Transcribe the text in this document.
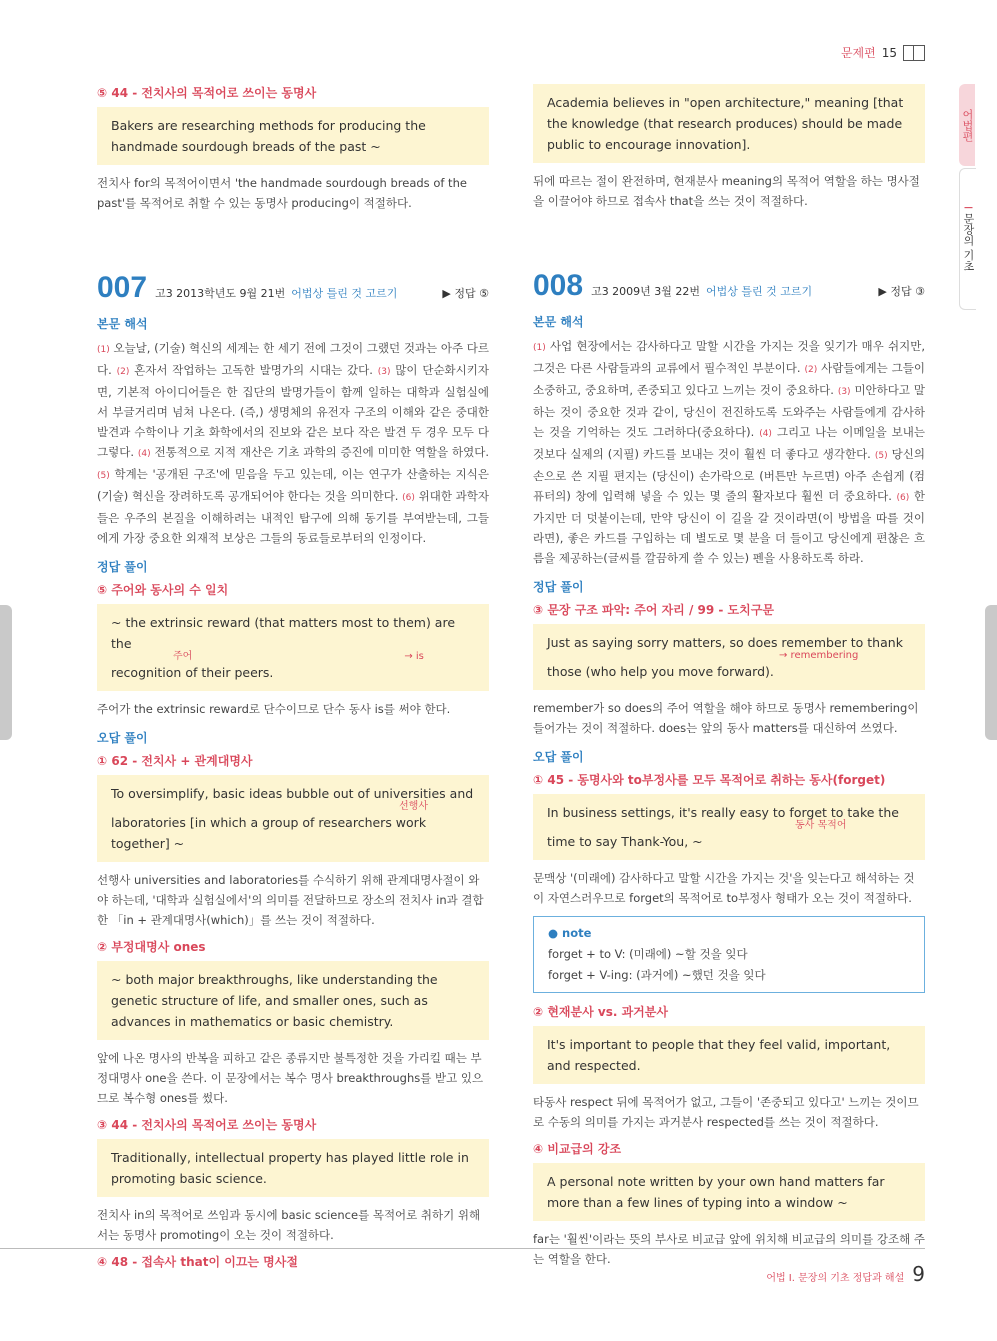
문제편 15
어법편
I
문장의 기초
⑤ 44 - 전치사의 목적어로 쓰이는 동명사
Bakers are researching methods for producing the handmade sourdough breads of the past ~
전치사 for의 목적어이면서 'the handmade sourdough breads of the past'를 목적어로 취할 수 있는 동명사 producing이 적절하다.
007 고3 2013학년도 9월 21번 어법상 틀린 것 고르기	▶ 정답 ⑤
본문 해석
(1) 오늘날, (기술) 혁신의 세계는 한 세기 전에 그것이 그랬던 것과는 아주 다르다. (2) 혼자서 작업하는 고독한 발명가의 시대는 갔다. (3) 많이 단순화시키자면, 기본적 아이디어들은 한 집단의 발명가들이 함께 일하는 대학과 실험실에서 부글거리며 넘쳐 나온다. (즉,) 생명체의 유전자 구조의 이해와 같은 중대한 발견과 수학이나 기초 화학에서의 진보와 같은 보다 작은 발견 두 경우 모두 다 그렇다. (4) 전통적으로 지적 재산은 기초 과학의 증진에 미미한 역할을 하였다. (5) 학계는 '공개된 구조'에 믿음을 두고 있는데, 이는 연구가 산출하는 지식은 (기술) 혁신을 장려하도록 공개되어야 한다는 것을 의미한다. (6) 위대한 과학자들은 우주의 본질을 이해하려는 내적인 탐구에 의해 동기를 부여받는데, 그들에게 가장 중요한 외재적 보상은 그들의 동료들로부터의 인정이다.
정답 풀이
⑤ 주어와 동사의 수 일치
~ the extrinsic reward (that matters most to them) are the
주어	→ is
recognition of their peers.
주어가 the extrinsic reward로 단수이므로 단수 동사 is를 써야 한다.
오답 풀이
① 62 - 전치사 + 관계대명사
To oversimplify, basic ideas bubble out of universities and
선행사
laboratories [in which a group of researchers work together] ~
선행사 universities and laboratories를 수식하기 위해 관계대명사절이 와야 하는데, '대학과 실험실에서'의 의미를 전달하므로 장소의 전치사 in과 결합한 「in + 관계대명사(which)」를 쓰는 것이 적절하다.
② 부정대명사 ones
~ both major breakthroughs, like understanding the genetic structure of life, and smaller ones, such as advances in mathematics or basic chemistry.
앞에 나온 명사의 반복을 피하고 같은 종류지만 불특정한 것을 가리킬 때는 부정대명사 one을 쓴다. 이 문장에서는 복수 명사 breakthroughs를 받고 있으므로 복수형 ones를 썼다.
③ 44 - 전치사의 목적어로 쓰이는 동명사
Traditionally, intellectual property has played little role in promoting basic science.
전치사 in의 목적어로 쓰임과 동시에 basic science를 목적어로 취하기 위해서는 동명사 promoting이 오는 것이 적절하다.
④ 48 - 접속사 that이 이끄는 명사절
Academia believes in "open architecture," meaning [that the knowledge (that research produces) should be made public to encourage innovation].
뒤에 따르는 절이 완전하며, 현재분사 meaning의 목적어 역할을 하는 명사절을 이끌어야 하므로 접속사 that을 쓰는 것이 적절하다.
008 고3 2009년 3월 22번 어법상 틀린 것 고르기	▶ 정답 ③
본문 해석
(1) 사업 현장에서는 감사하다고 말할 시간을 가지는 것을 잊기가 매우 쉬지만, 그것은 다른 사람들과의 교류에서 필수적인 부분이다. (2) 사람들에게는 그들이 소중하고, 중요하며, 존중되고 있다고 느끼는 것이 중요하다. (3) 미안하다고 말하는 것이 중요한 것과 같이, 당신이 전진하도록 도와주는 사람들에게 감사하는 것을 기억하는 것도 그러하다(중요하다). (4) 그리고 나는 이메일을 보내는 것보다 실제의 (지필) 카드를 보내는 것이 훨씬 더 좋다고 생각한다. (5) 당신의 손으로 쓴 지필 편지는 (당신이) 손가락으로 (버튼만 누르면) 아주 손쉽게 (컴퓨터의) 창에 입력해 넣을 수 있는 몇 줄의 활자보다 훨씬 더 중요하다. (6) 한 가지만 더 덧붙이는데, 만약 당신이 이 길을 갈 것이라면(이 방법을 따를 것이라면), 좋은 카드를 구입하는 데 별도로 몇 분을 더 들이고 당신에게 편찮은 흐름을 제공하는(글씨를 깔끔하게 쓸 수 있는) 펜을 사용하도록 하라.
정답 풀이
③ 문장 구조 파악: 주어 자리 / 99 - 도치구문
Just as saying sorry matters, so does remember to thank
→ remembering
those (who help you move forward).
remember가 so does의 주어 역할을 해야 하므로 동명사 remembering이 들어가는 것이 적절하다. does는 앞의 동사 matters를 대신하여 쓰였다.
오답 풀이
① 45 - 동명사와 to부정사를 모두 목적어로 취하는 동사(forget)
In business settings, it's really easy to forget to take the
동사 목적어
time to say Thank-You, ~
문맥상 '(미래에) 감사하다고 말할 시간을 가지는 것'을 잊는다고 해석하는 것이 자연스러우므로 forget의 목적어로 to부정사 형태가 오는 것이 적절하다.
● note
forget + to V: (미래에) ~할 것을 잊다
forget + V-ing: (과거에) ~했던 것을 잊다
② 현재분사 vs. 과거분사
It's important to people that they feel valid, important, and respected.
타동사 respect 뒤에 목적어가 없고, 그들이 '존중되고 있다고' 느끼는 것이므로 수동의 의미를 가지는 과거분사 respected를 쓰는 것이 적절하다.
④ 비교급의 강조
A personal note written by your own hand matters far more than a few lines of typing into a window ~
far는 '훨씬'이라는 뜻의 부사로 비교급 앞에 위치해 비교급의 의미를 강조해 주는 역할을 한다.
어법 I. 문장의 기초 정답과 해설 9
